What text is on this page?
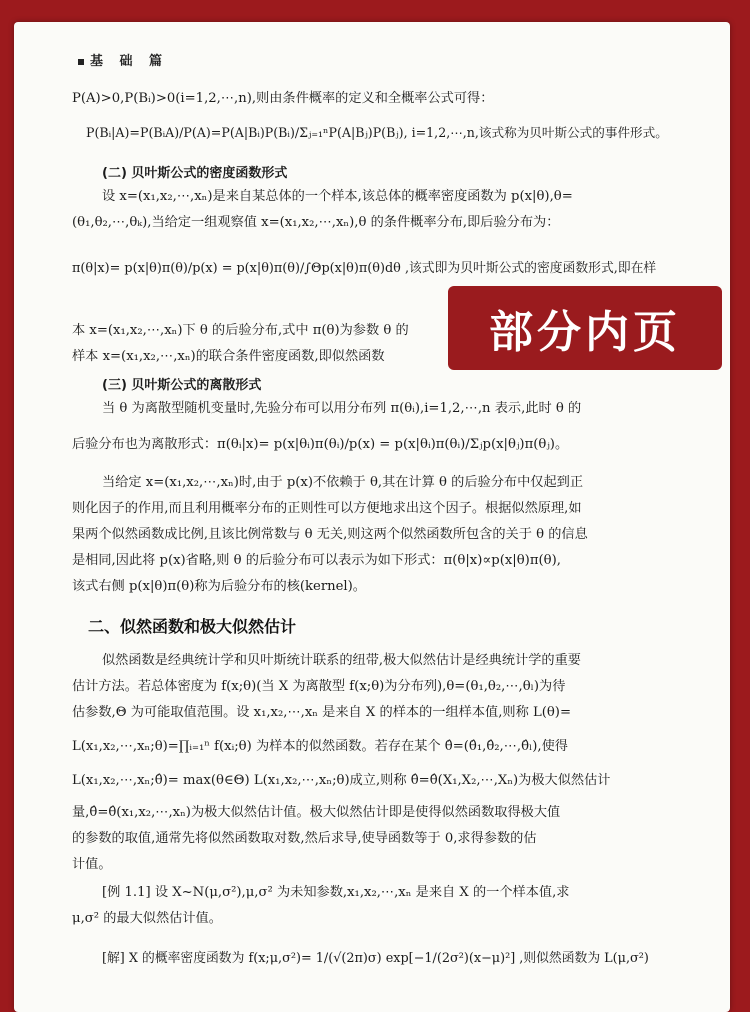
基 础 篇
P(A)>0,P(Bᵢ)>0(i=1,2,⋯,n),则由条件概率的定义和全概率公式可得：
P(Bᵢ|A)=P(BᵢA)/P(A)=P(A|Bᵢ)P(Bᵢ)/Σⱼ₌₁ⁿP(A|Bⱼ)P(Bⱼ), i=1,2,⋯,n,该式称为贝叶斯公式的事件形式。
(二) 贝叶斯公式的密度函数形式
设 x=(x₁,x₂,⋯,xₙ)是来自某总体的一个样本,该总体的概率密度函数为 p(x|θ),θ=
(θ₁,θ₂,⋯,θₖ),当给定一组观察值 x=(x₁,x₂,⋯,xₙ),θ 的条件概率分布,即后验分布为：
π(θ|x)= p(x|θ)π(θ)/p(x) = p(x|θ)π(θ)/∫Θp(x|θ)π(θ)dθ ,该式即为贝叶斯公式的密度函数形式,即在样
本 x=(x₁,x₂,⋯,xₙ)下 θ 的后验分布,式中 π(θ)为参数 θ 的
样本 x=(x₁,x₂,⋯,xₙ)的联合条件密度函数,即似然函数
(三) 贝叶斯公式的离散形式
当 θ 为离散型随机变量时,先验分布可以用分布列 π(θᵢ),i=1,2,⋯,n 表示,此时 θ 的
后验分布也为离散形式：π(θᵢ|x)= p(x|θᵢ)π(θᵢ)/p(x) = p(x|θᵢ)π(θᵢ)/Σⱼp(x|θⱼ)π(θⱼ)。
当给定 x=(x₁,x₂,⋯,xₙ)时,由于 p(x)不依赖于 θ,其在计算 θ 的后验分布中仅起到正
则化因子的作用,而且利用概率分布的正则性可以方便地求出这个因子。根据似然原理,如
果两个似然函数成比例,且该比例常数与 θ 无关,则这两个似然函数所包含的关于 θ 的信息
是相同,因此将 p(x)省略,则 θ 的后验分布可以表示为如下形式：π(θ|x)∝p(x|θ)π(θ),
该式右侧 p(x|θ)π(θ)称为后验分布的核(kernel)。
二、似然函数和极大似然估计
似然函数是经典统计学和贝叶斯统计联系的纽带,极大似然估计是经典统计学的重要
估计方法。若总体密度为 f(x;θ)(当 X 为离散型 f(x;θ)为分布列),θ=(θ₁,θ₂,⋯,θₗ)为待
估参数,Θ 为可能取值范围。设 x₁,x₂,⋯,xₙ 是来自 X 的样本的一组样本值,则称 L(θ)=
L(x₁,x₂,⋯,xₙ;θ)=∏ᵢ₌₁ⁿ f(xᵢ;θ) 为样本的似然函数。若存在某个 θ̂=(θ̂₁,θ̂₂,⋯,θ̂ₗ),使得
L(x₁,x₂,⋯,xₙ;θ̂)= max(θ∈Θ) L(x₁,x₂,⋯,xₙ;θ)成立,则称 θ̂=θ̂(X₁,X₂,⋯,Xₙ)为极大似然估计
量,θ̂=θ̂(x₁,x₂,⋯,xₙ)为极大似然估计值。极大似然估计即是使得似然函数取得极大值
的参数的取值,通常先将似然函数取对数,然后求导,使导函数等于 0,求得参数的估
计值。
[例 1.1] 设 X~N(μ,σ²),μ,σ² 为未知参数,x₁,x₂,⋯,xₙ 是来自 X 的一个样本值,求
μ,σ² 的最大似然估计值。
[解] X 的概率密度函数为 f(x;μ,σ²)= 1/(√(2π)σ) exp[−1/(2σ²)(x−μ)²] ,则似然函数为 L(μ,σ²)
部分内页
